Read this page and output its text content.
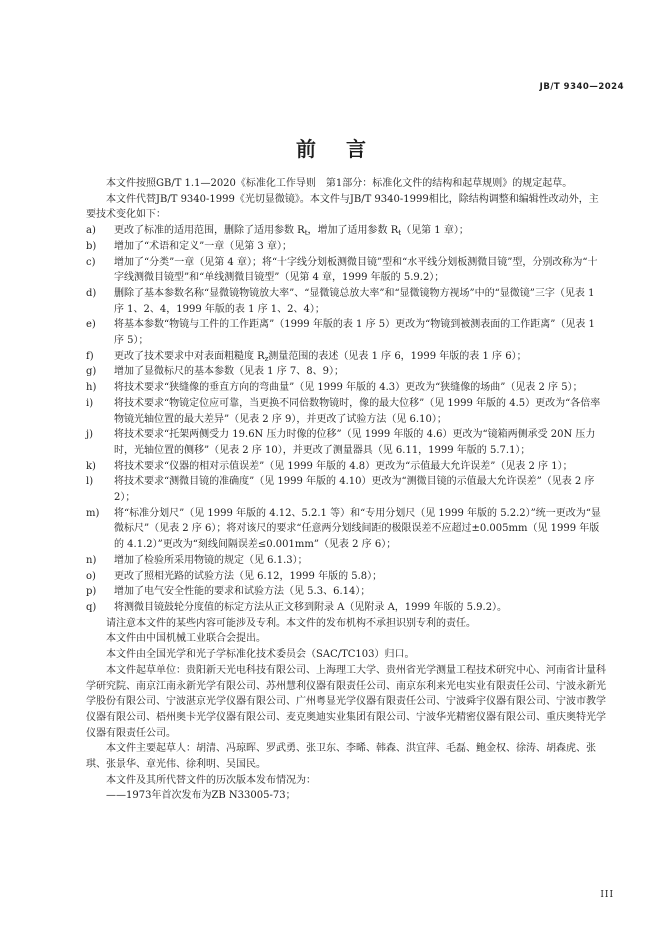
JB/T 9340—2024
前言

本文件按照GB/T 1.1—2020《标准化工作导则　第1部分：标准化文件的结构和起草规则》的规定起草。

本文件代替JB/T 9340-1999《光切显微镜》。本文件与JB/T 9340-1999相比，除结构调整和编辑性改动外，主要技术变化如下：

a) 更改了标准的适用范围，删除了适用参数 $R_t$，增加了适用参数 $R_t$（见第 1 章）；
b) 增加了“术语和定义”一章（见第 3 章）；
c) 增加了“分类”一章（见第 4 章）；将“十字线分划板测微目镜”型和“水平线分划板测微目镜”型，分别改称为“十字线测微目镜型”和“单线测微目镜型”（见第 4 章，1999 年版的 5.9.2）；
d) 删除了基本参数名称“显微镜物镜放大率”、“显微镜总放大率”和“显微镜物方视场”中的“显微镜”三字（见表 1 序 1、2、4，1999 年版的表 1 序 1、2、4）；
e) 将基本参数“物镜与工件的工作距离”（1999 年版的表 1 序 5）更改为“物镜到被测表面的工作距离”（见表 1 序 5）；
f) 更改了技术要求中对表面粗糙度 $R_z$测量范围的表述（见表 1 序 6，1999 年版的表 1 序 6）；
g) 增加了显微标尺的基本参数（见表 1 序 7、8、9）；
h) 将技术要求“狭缝像的垂直方向的弯曲量”（见 1999 年版的 4.3）更改为“狭缝像的场曲”（见表 2 序 5）；
i) 将技术要求“物镜定位应可靠，当更换不同倍数物镜时，像的最大位移”（见 1999 年版的 4.5）更改为“各倍率物镜光轴位置的最大差异”（见表 2 序 9），并更改了试验方法（见 6.10）；
j) 将技术要求“托架两侧受力 19.6N 压力时像的位移”（见 1999 年版的 4.6）更改为“镜箱两侧承受 20N 压力时，光轴位置的侧移”（见表 2 序 10），并更改了测量器具（见 6.11，1999 年版的 5.7.1）；
k) 将技术要求“仪器的相对示值误差”（见 1999 年版的 4.8）更改为“示值最大允许误差”（见表 2 序 1）；
l) 将技术要求“测微目镜的准确度”（见 1999 年版的 4.10）更改为“测微目镜的示值最大允许误差”（见表 2 序 2）；
m) 将“标准分划尺”（见 1999 年版的 4.12、5.2.1 等）和“专用分划尺（见 1999 年版的 5.2.2）”统一更改为“显微标尺”（见表 2 序 6）；将对该尺的要求“任意两分划线间距的极限误差不应超过±0.005mm（见 1999 年版的 4.1.2）”更改为“刻线间隔误差≤0.001mm”（见表 2 序 6）；
n) 增加了检验所采用物镜的规定（见 6.1.3）；
o) 更改了照相光路的试验方法（见 6.12，1999 年版的 5.8）；
p) 增加了电气安全性能的要求和试验方法（见 5.3、6.14）；
q) 将测微目镜鼓轮分度值的标定方法从正文移到附录 A（见附录 A，1999 年版的 5.9.2）。

请注意本文件的某些内容可能涉及专利。本文件的发布机构不承担识别专利的责任。

本文件由中国机械工业联合会提出。

本文件由全国光学和光子学标准化技术委员会（SAC/TC103）归口。

本文件起草单位：贵阳新天光电科技有限公司、上海理工大学、贵州省光学测量工程技术研究中心、河南省计量科学研究院、南京江南永新光学有限公司、苏州慧利仪器有限责任公司、南京东利来光电实业有限责任公司、宁波永新光学股份有限公司、宁波湛京光学仪器有限公司、广州粤显光学仪器有限责任公司、宁波舜宇仪器有限公司、宁波市教学仪器有限公司、梧州奥卡光学仪器有限公司、麦克奥迪实业集团有限公司、宁波华光精密仪器有限公司、重庆奥特光学仪器有限责任公司。

本文件主要起草人：胡清、冯琼晖、罗武勇、张卫东、李晞、韩森、洪宜萍、毛磊、鲍金权、徐涛、胡森虎、张琪、张景华、章光伟、徐利明、吴国民。

本文件及其所代替文件的历次版本发布情况为：

——1973年首次发布为ZB N33005-73；

III
